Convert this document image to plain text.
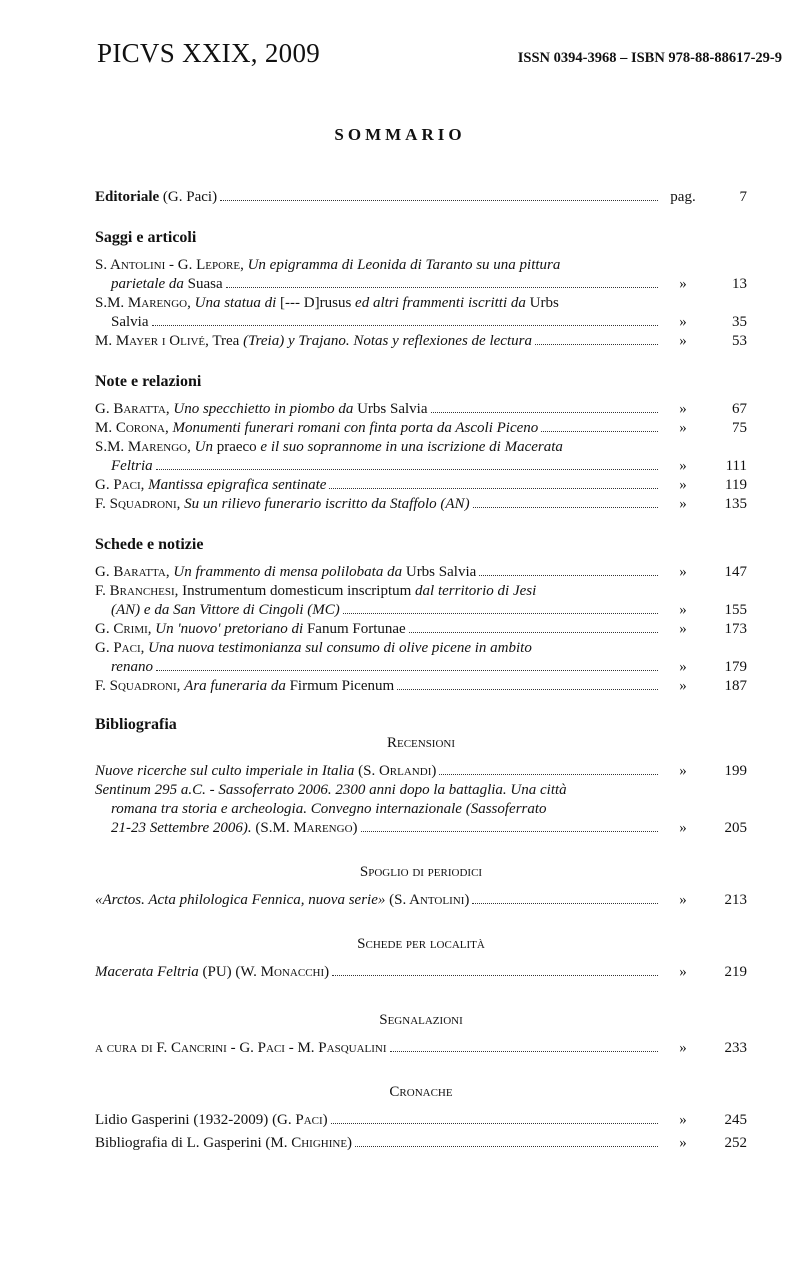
PICVS XXIX, 2009	ISSN 0394-3968 – ISBN 978-88-88617-29-9
SOMMARIO
Editoriale (G. Paci)	pag.	7
Saggi e articoli
S. Antolini - G. Lepore, Un epigramma di Leonida di Taranto su una pittura
parietale da Suasa	»	13
S.M. Marengo, Una statua di [--- D]rusus ed altri frammenti iscritti da Urbs
Salvia	»	35
M. Mayer i Olivé, Trea (Treia) y Trajano. Notas y reflexiones de lectura	»	53
Note e relazioni
G. Baratta, Uno specchietto in piombo da Urbs Salvia	»	67
M. Corona, Monumenti funerari romani con finta porta da Ascoli Piceno	»	75
S.M. Marengo, Un praeco e il suo soprannome in una iscrizione di Macerata
Feltria	»	111
G. Paci, Mantissa epigrafica sentinate	»	119
F. Squadroni, Su un rilievo funerario iscritto da Staffolo (AN)	»	135
Schede e notizie
G. Baratta, Un frammento di mensa polilobata da Urbs Salvia	»	147
F. Branchesi, Instrumentum domesticum inscriptum dal territorio di Jesi
(AN) e da San Vittore di Cingoli (MC)	»	155
G. Crimi, Un 'nuovo' pretoriano di Fanum Fortunae	»	173
G. Paci, Una nuova testimonianza sul consumo di olive picene in ambito
renano	»	179
F. Squadroni, Ara funeraria da Firmum Picenum	»	187
Bibliografia
Recensioni
Nuove ricerche sul culto imperiale in Italia (S. Orlandi)	»	199
Sentinum 295 a.C. - Sassoferrato 2006. 2300 anni dopo la battaglia. Una città
romana tra storia e archeologia. Convegno internazionale (Sassoferrato
21-23 Settembre 2006). (S.M. Marengo)	»	205
Spoglio di periodici
«Arctos. Acta philologica Fennica, nuova serie» (S. Antolini)	»	213
Schede per località
Macerata Feltria (PU) (W. Monacchi)	»	219
Segnalazioni
a cura di F. Cancrini - G. Paci - M. Pasqualini	»	233
Cronache
Lidio Gasperini (1932-2009) (G. Paci)	»	245
Bibliografia di L. Gasperini (M. Chighine)	»	252
